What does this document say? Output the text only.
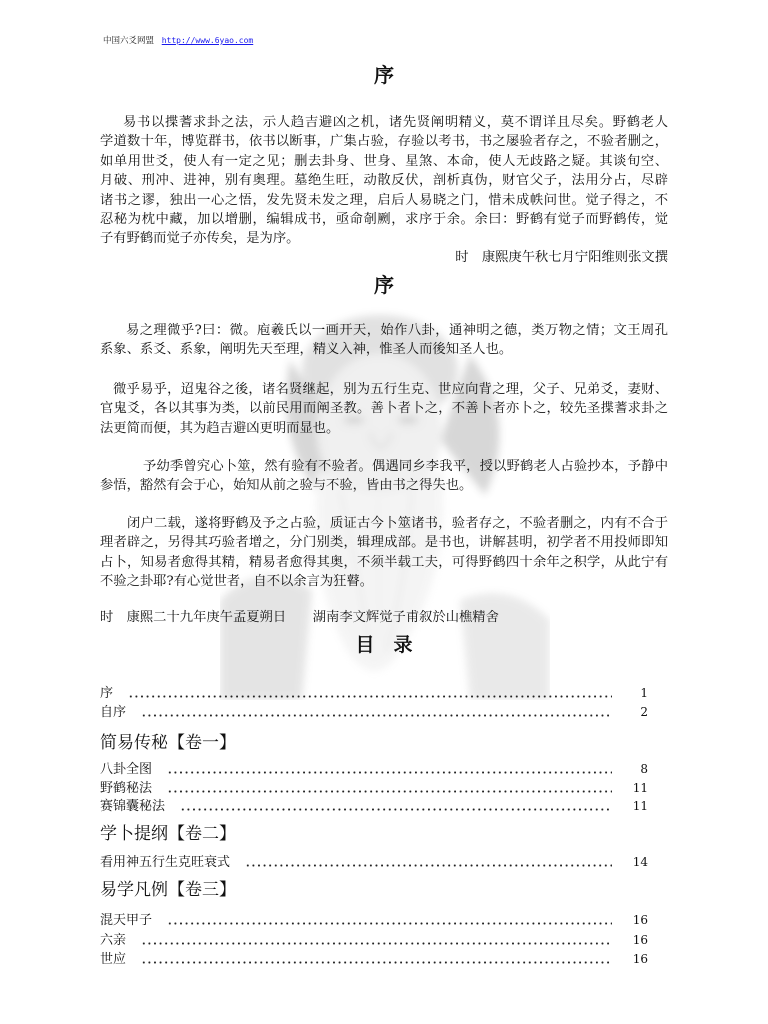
中国六爻网盟 http://www.6yao.com
序
易书以揲蓍求卦之法，示人趋吉避凶之机，诸先贤阐明精义，莫不谓详且尽矣。野鹤老人
学道数十年，博览群书，依书以断事，广集占验，存验以考书，书之屡验者存之，不验者删之，
如单用世爻，使人有一定之见；删去卦身、世身、星煞、本命，使人无歧路之疑。其谈旬空、
月破、刑冲、进神，别有奥理。墓绝生旺，动散反伏，剖析真伪，财官父子，法用分占，尽辟
诸书之谬，独出一心之悟，发先贤未发之理，启后人易晓之门，惜未成帙问世。觉子得之，不
忍秘为枕中藏，加以增删，编辑成书，亟命剞劂，求序于余。余曰：野鹤有觉子而野鹤传，觉
子有野鹤而觉子亦传矣，是为序。
时　康熙庚午秋七月宁阳维则张文撰
序
易之理微乎?曰：微。庖羲氏以一画开天，始作八卦，通神明之德，类万物之情；文王周孔
系象、系爻、系象，阐明先天至理，精义入神，惟圣人而後知圣人也。
微乎易乎，迢鬼谷之後，诸名贤继起，别为五行生克、世应向背之理，父子、兄弟爻，妻财、
官鬼爻，各以其事为类，以前民用而阐圣教。善卜者卜之，不善卜者亦卜之，较先圣揲蓍求卦之
法更简而便，其为趋吉避凶更明而显也。
予幼季曾究心卜筮，然有验有不验者。偶遇同乡李我平，授以野鹤老人占验抄本，予静中
参悟，豁然有会于心，始知从前之验与不验，皆由书之得失也。
闭户二载，遂将野鹤及予之占验，质证古今卜筮诸书，验者存之，不验者删之，内有不合于
理者辟之，另得其巧验者增之，分门别类，辑理成部。是书也，讲解甚明，初学者不用投师即知
占卜，知易者愈得其精，精易者愈得其奥，不须半载工夫，可得野鹤四十余年之积学，从此宁有
不验之卦耶?有心觉世者，自不以余言为狂瞽。
时　康熙二十九年庚午孟夏朔日　　湖南李文辉觉子甫叙於山樵精舍
目　录
序	1
自序	2
简易传秘【卷一】
八卦全图	8
野鹤秘法	11
赛锦囊秘法	11
学卜提纲【卷二】
看用神五行生克旺衰式	14
易学凡例【卷三】
混天甲子	16
六亲	16
世应	16
